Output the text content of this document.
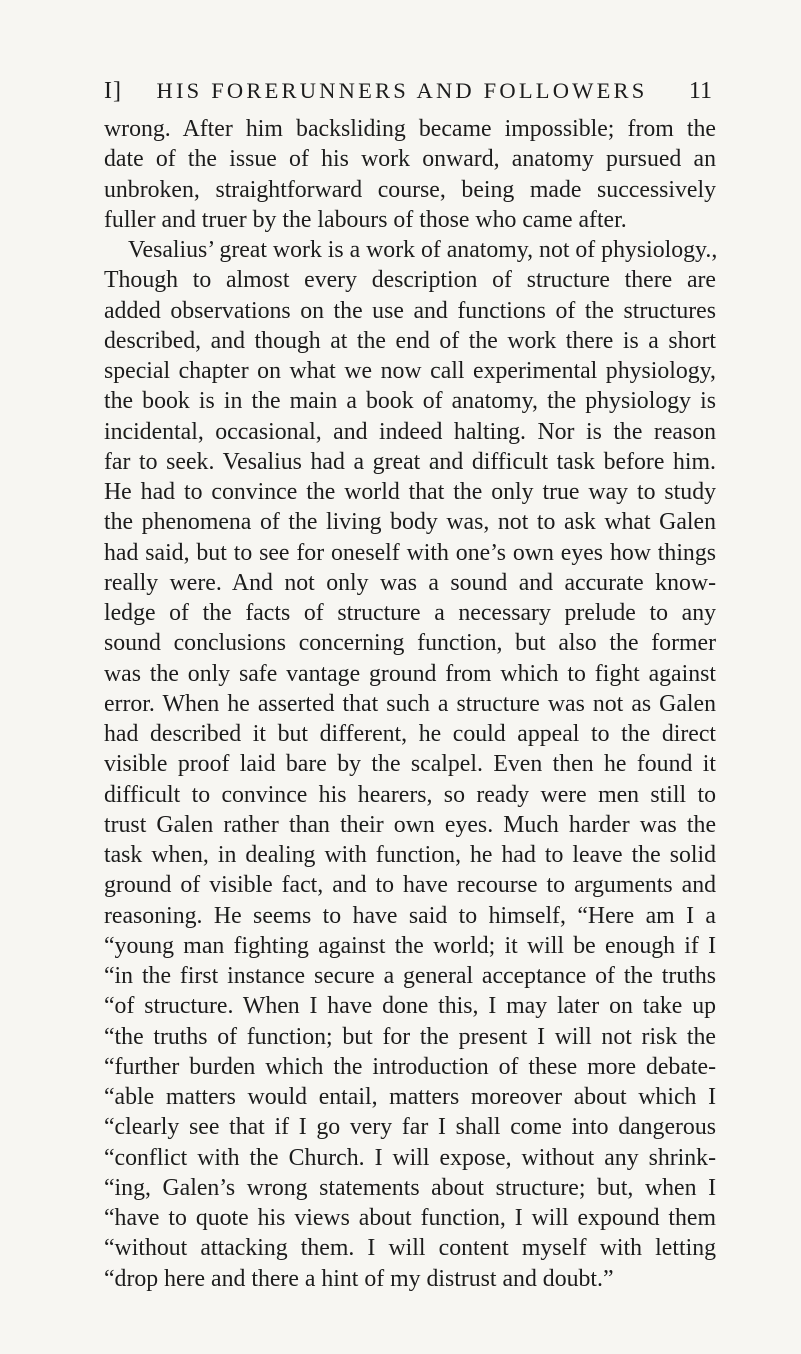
I]	HIS FORERUNNERS AND FOLLOWERS	11
wrong. After him backsliding became impossible; from the
date of the issue of his work onward, anatomy pursued an
unbroken, straightforward course, being made successively
fuller and truer by the labours of those who came after.
Vesalius’ great work is a work of anatomy, not of physiology.,
Though to almost every description of structure there are
added observations on the use and functions of the structures
described, and though at the end of the work there is a short
special chapter on what we now call experimental physiology,
the book is in the main a book of anatomy, the physiology is
incidental, occasional, and indeed halting. Nor is the reason
far to seek. Vesalius had a great and difficult task before him.
He had to convince the world that the only true way to study
the phenomena of the living body was, not to ask what Galen
had said, but to see for oneself with one’s own eyes how things
really were. And not only was a sound and accurate know-
ledge of the facts of structure a necessary prelude to any
sound conclusions concerning function, but also the former
was the only safe vantage ground from which to fight against
error. When he asserted that such a structure was not as Galen
had described it but different, he could appeal to the direct
visible proof laid bare by the scalpel. Even then he found it
difficult to convince his hearers, so ready were men still to
trust Galen rather than their own eyes. Much harder was the
task when, in dealing with function, he had to leave the solid
ground of visible fact, and to have recourse to arguments and
reasoning. He seems to have said to himself, “Here am I a
“young man fighting against the world; it will be enough if I
“in the first instance secure a general acceptance of the truths
“of structure. When I have done this, I may later on take up
“the truths of function; but for the present I will not risk the
“further burden which the introduction of these more debate-
“able matters would entail, matters moreover about which I
“clearly see that if I go very far I shall come into dangerous
“conflict with the Church. I will expose, without any shrink-
“ing, Galen’s wrong statements about structure; but, when I
“have to quote his views about function, I will expound them
“without attacking them. I will content myself with letting
“drop here and there a hint of my distrust and doubt.”
